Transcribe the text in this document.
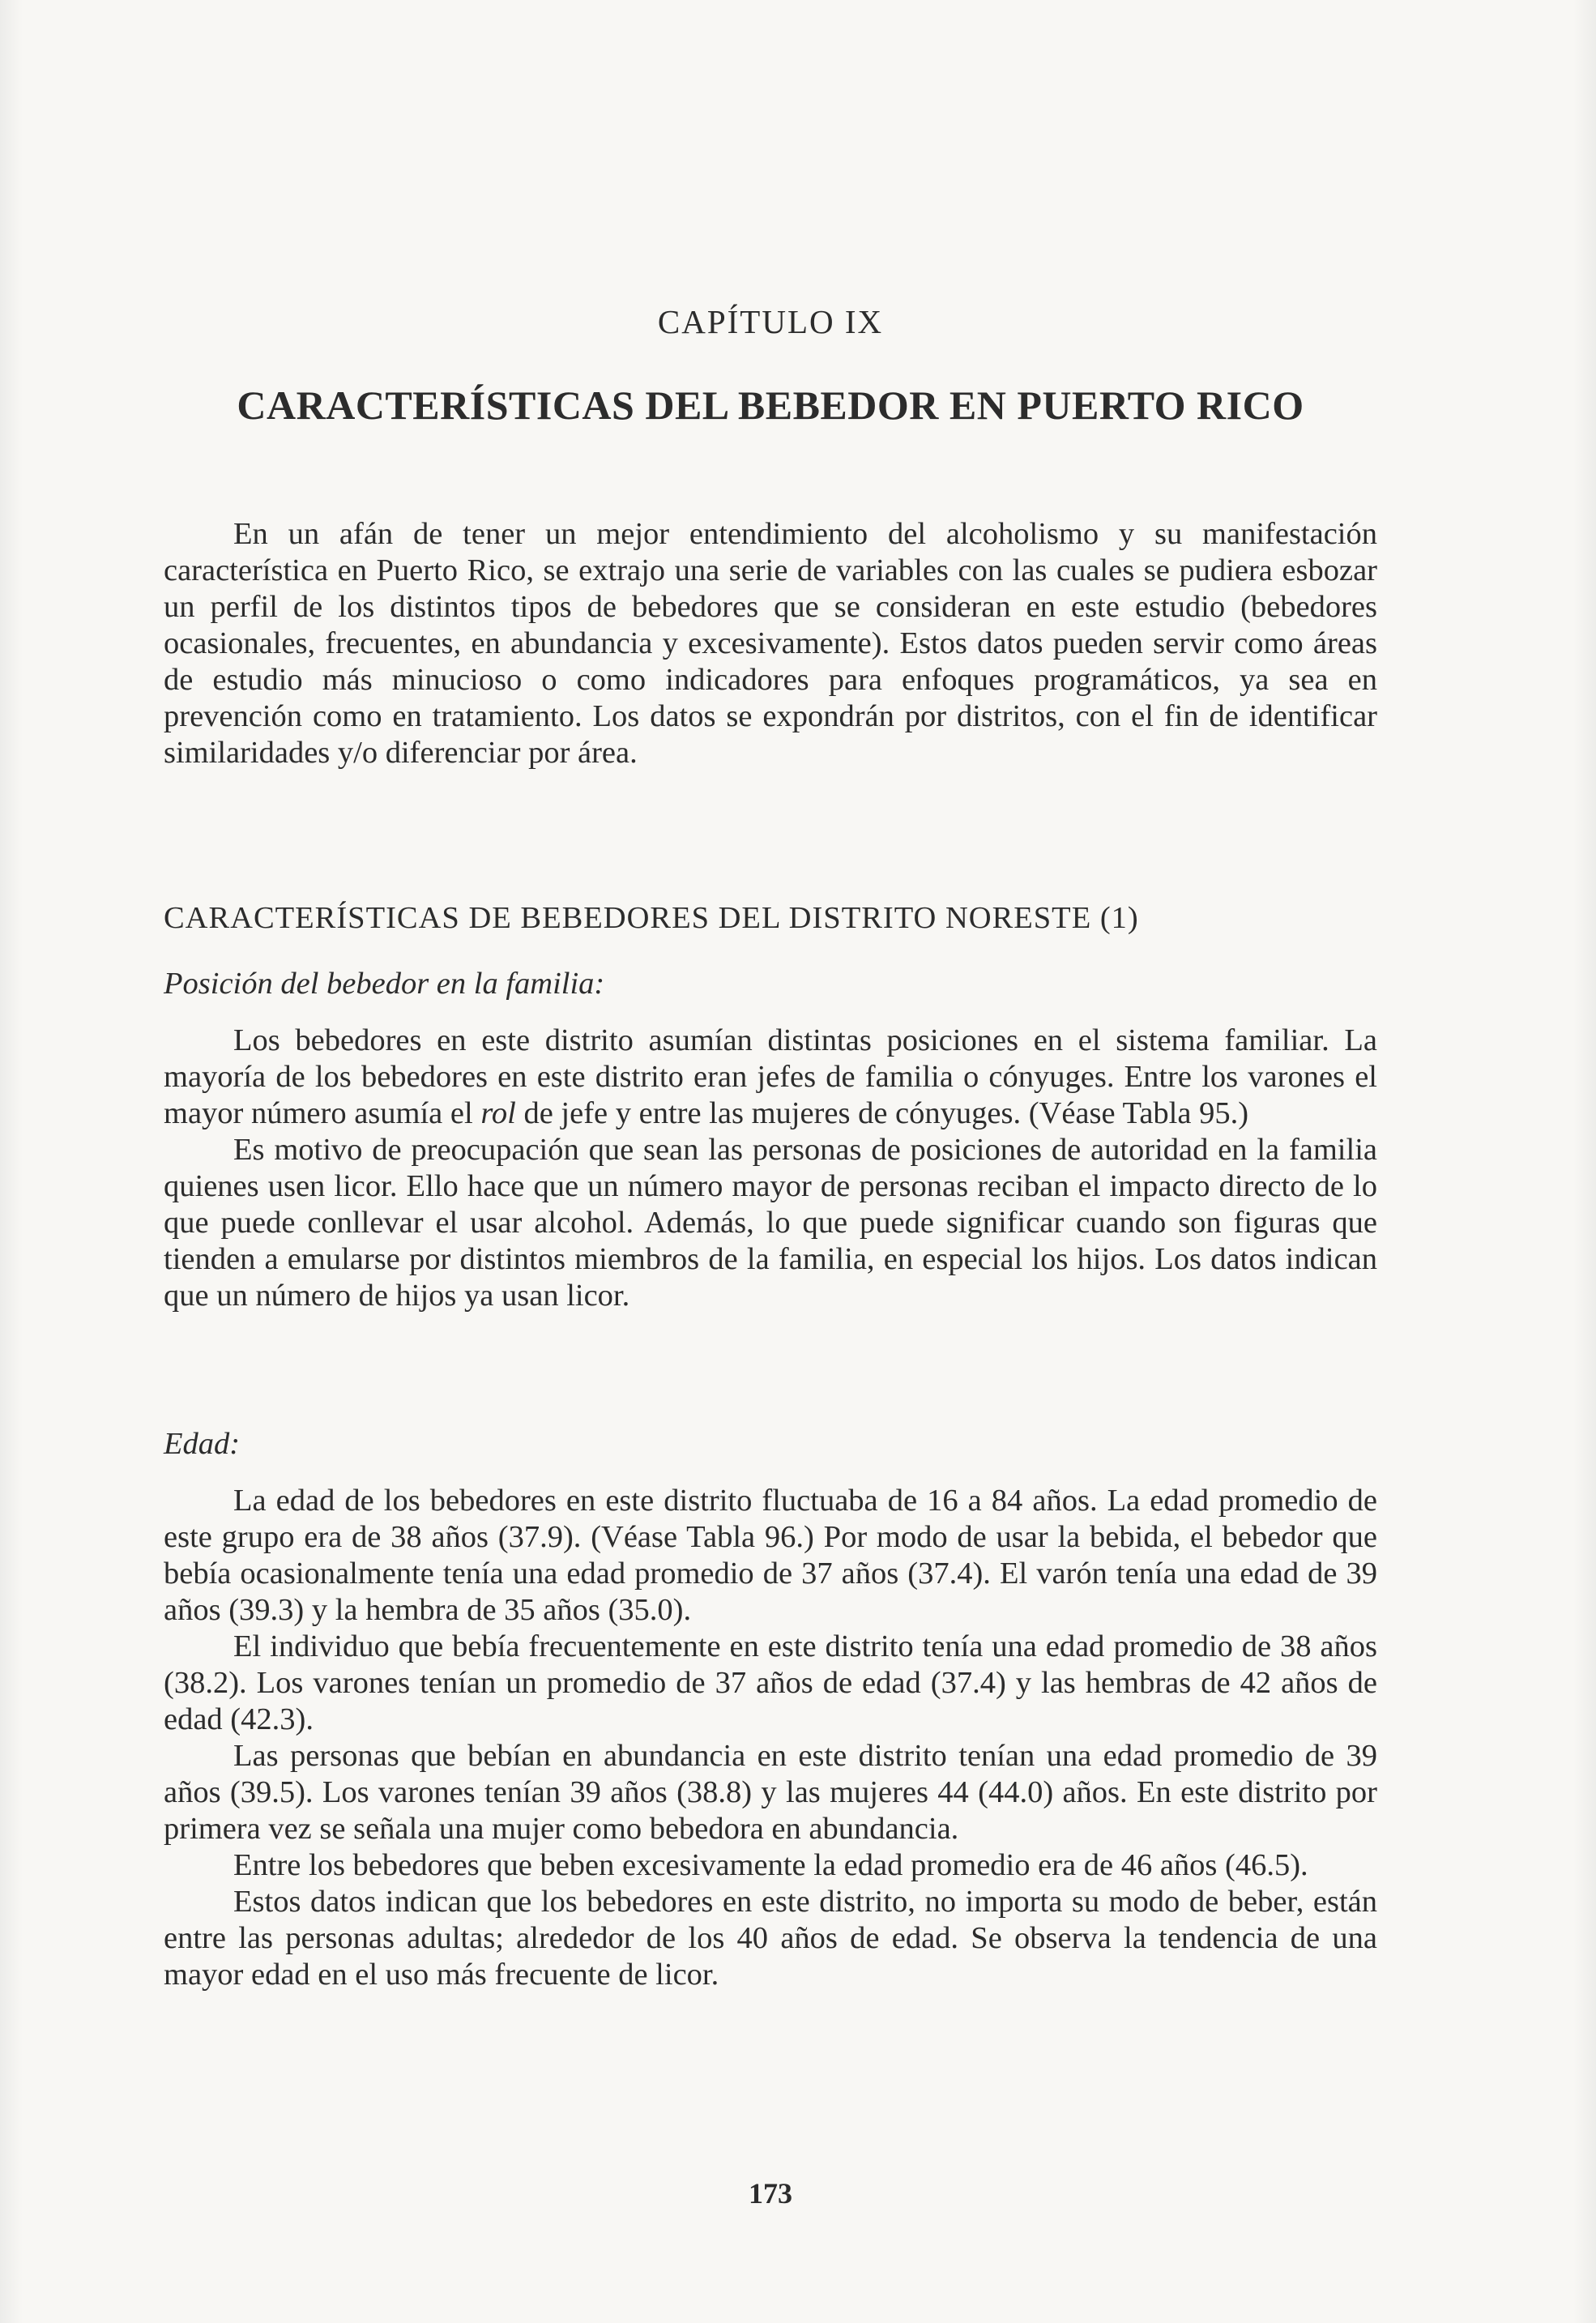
CAPÍTULO IX
CARACTERÍSTICAS DEL BEBEDOR EN PUERTO RICO

En un afán de tener un mejor entendimiento del alcoholismo y su manifestación característica en Puerto Rico, se extrajo una serie de variables con las cuales se pudiera esbozar un perfil de los distintos tipos de bebedores que se consideran en este estudio (bebedores ocasionales, frecuentes, en abundancia y excesivamente). Estos datos pueden servir como áreas de estudio más minucioso o como indicadores para enfoques programáticos, ya sea en prevención como en tratamiento. Los datos se expondrán por distritos, con el fin de identificar similaridades y/o diferenciar por área.

CARACTERÍSTICAS DE BEBEDORES DEL DISTRITO NORESTE (1)
Posición del bebedor en la familia:

Los bebedores en este distrito asumían distintas posiciones en el sistema familiar. La mayoría de los bebedores en este distrito eran jefes de familia o cónyuges. Entre los varones el mayor número asumía el rol de jefe y entre las mujeres de cónyuges. (Véase Tabla 95.)

Es motivo de preocupación que sean las personas de posiciones de autoridad en la familia quienes usen licor. Ello hace que un número mayor de personas reciban el impacto directo de lo que puede conllevar el usar alcohol. Además, lo que puede significar cuando son figuras que tienden a emularse por distintos miembros de la familia, en especial los hijos. Los datos indican que un número de hijos ya usan licor.

Edad:

La edad de los bebedores en este distrito fluctuaba de 16 a 84 años. La edad promedio de este grupo era de 38 años (37.9). (Véase Tabla 96.) Por modo de usar la bebida, el bebedor que bebía ocasionalmente tenía una edad promedio de 37 años (37.4). El varón tenía una edad de 39 años (39.3) y la hembra de 35 años (35.0).

El individuo que bebía frecuentemente en este distrito tenía una edad promedio de 38 años (38.2). Los varones tenían un promedio de 37 años de edad (37.4) y las hembras de 42 años de edad (42.3).

Las personas que bebían en abundancia en este distrito tenían una edad promedio de 39 años (39.5). Los varones tenían 39 años (38.8) y las mujeres 44 (44.0) años. En este distrito por primera vez se señala una mujer como bebedora en abundancia.

Entre los bebedores que beben excesivamente la edad promedio era de 46 años (46.5).

Estos datos indican que los bebedores en este distrito, no importa su modo de beber, están entre las personas adultas; alrededor de los 40 años de edad. Se observa la tendencia de una mayor edad en el uso más frecuente de licor.

173
